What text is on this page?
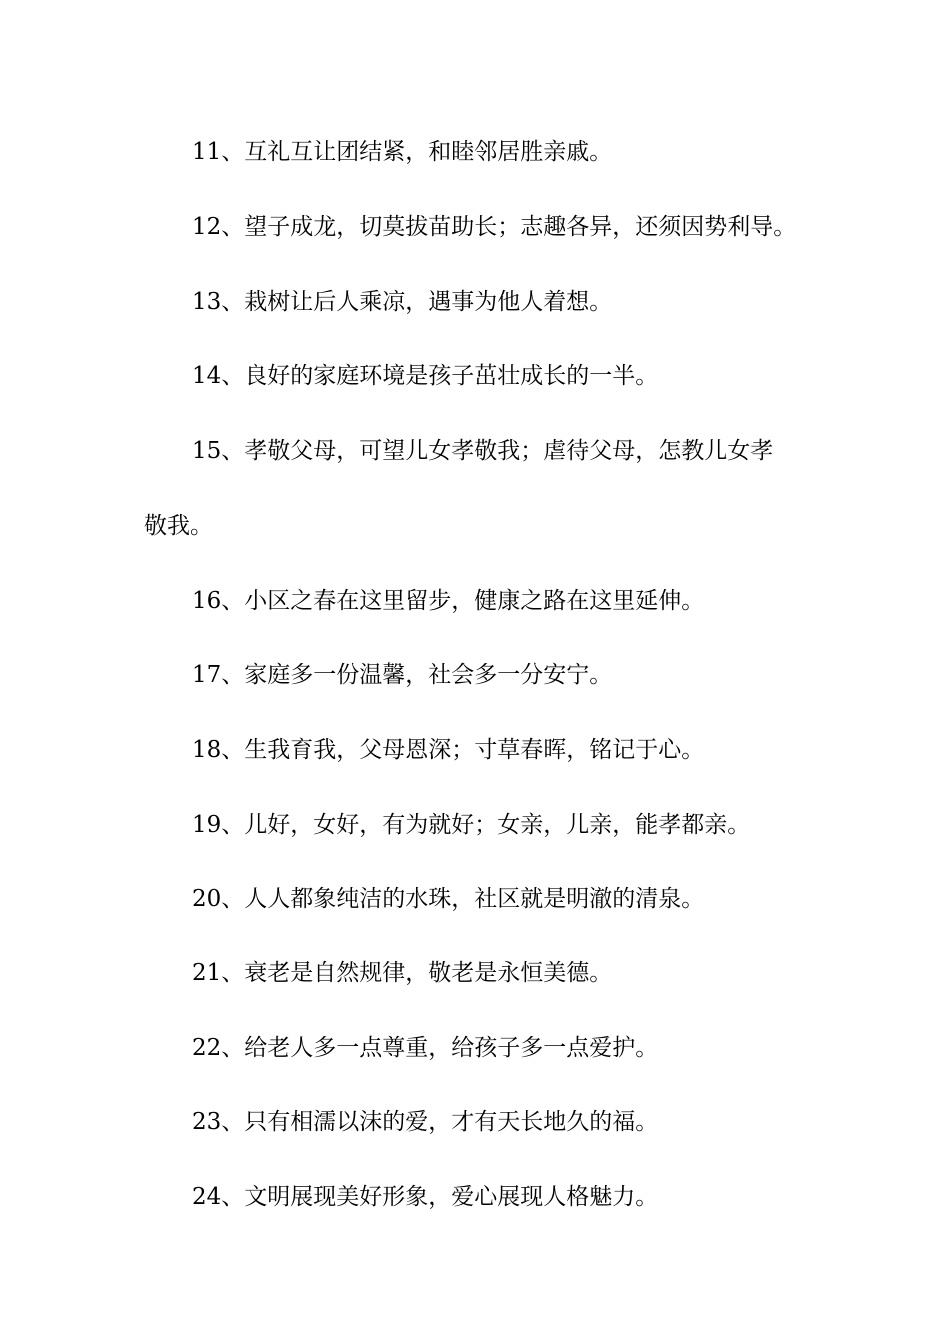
11、互礼互让团结紧，和睦邻居胜亲戚。
12、望子成龙，切莫拔苗助长；志趣各异，还须因势利导。
13、栽树让后人乘凉，遇事为他人着想。
14、良好的家庭环境是孩子茁壮成长的一半。
15、孝敬父母，可望儿女孝敬我；虐待父母，怎教儿女孝
敬我。
16、小区之春在这里留步，健康之路在这里延伸。
17、家庭多一份温馨，社会多一分安宁。
18、生我育我，父母恩深；寸草春晖，铭记于心。
19、儿好，女好，有为就好；女亲，儿亲，能孝都亲。
20、人人都象纯洁的水珠，社区就是明澈的清泉。
21、衰老是自然规律，敬老是永恒美德。
22、给老人多一点尊重，给孩子多一点爱护。
23、只有相濡以沫的爱，才有天长地久的福。
24、文明展现美好形象，爱心展现人格魅力。
